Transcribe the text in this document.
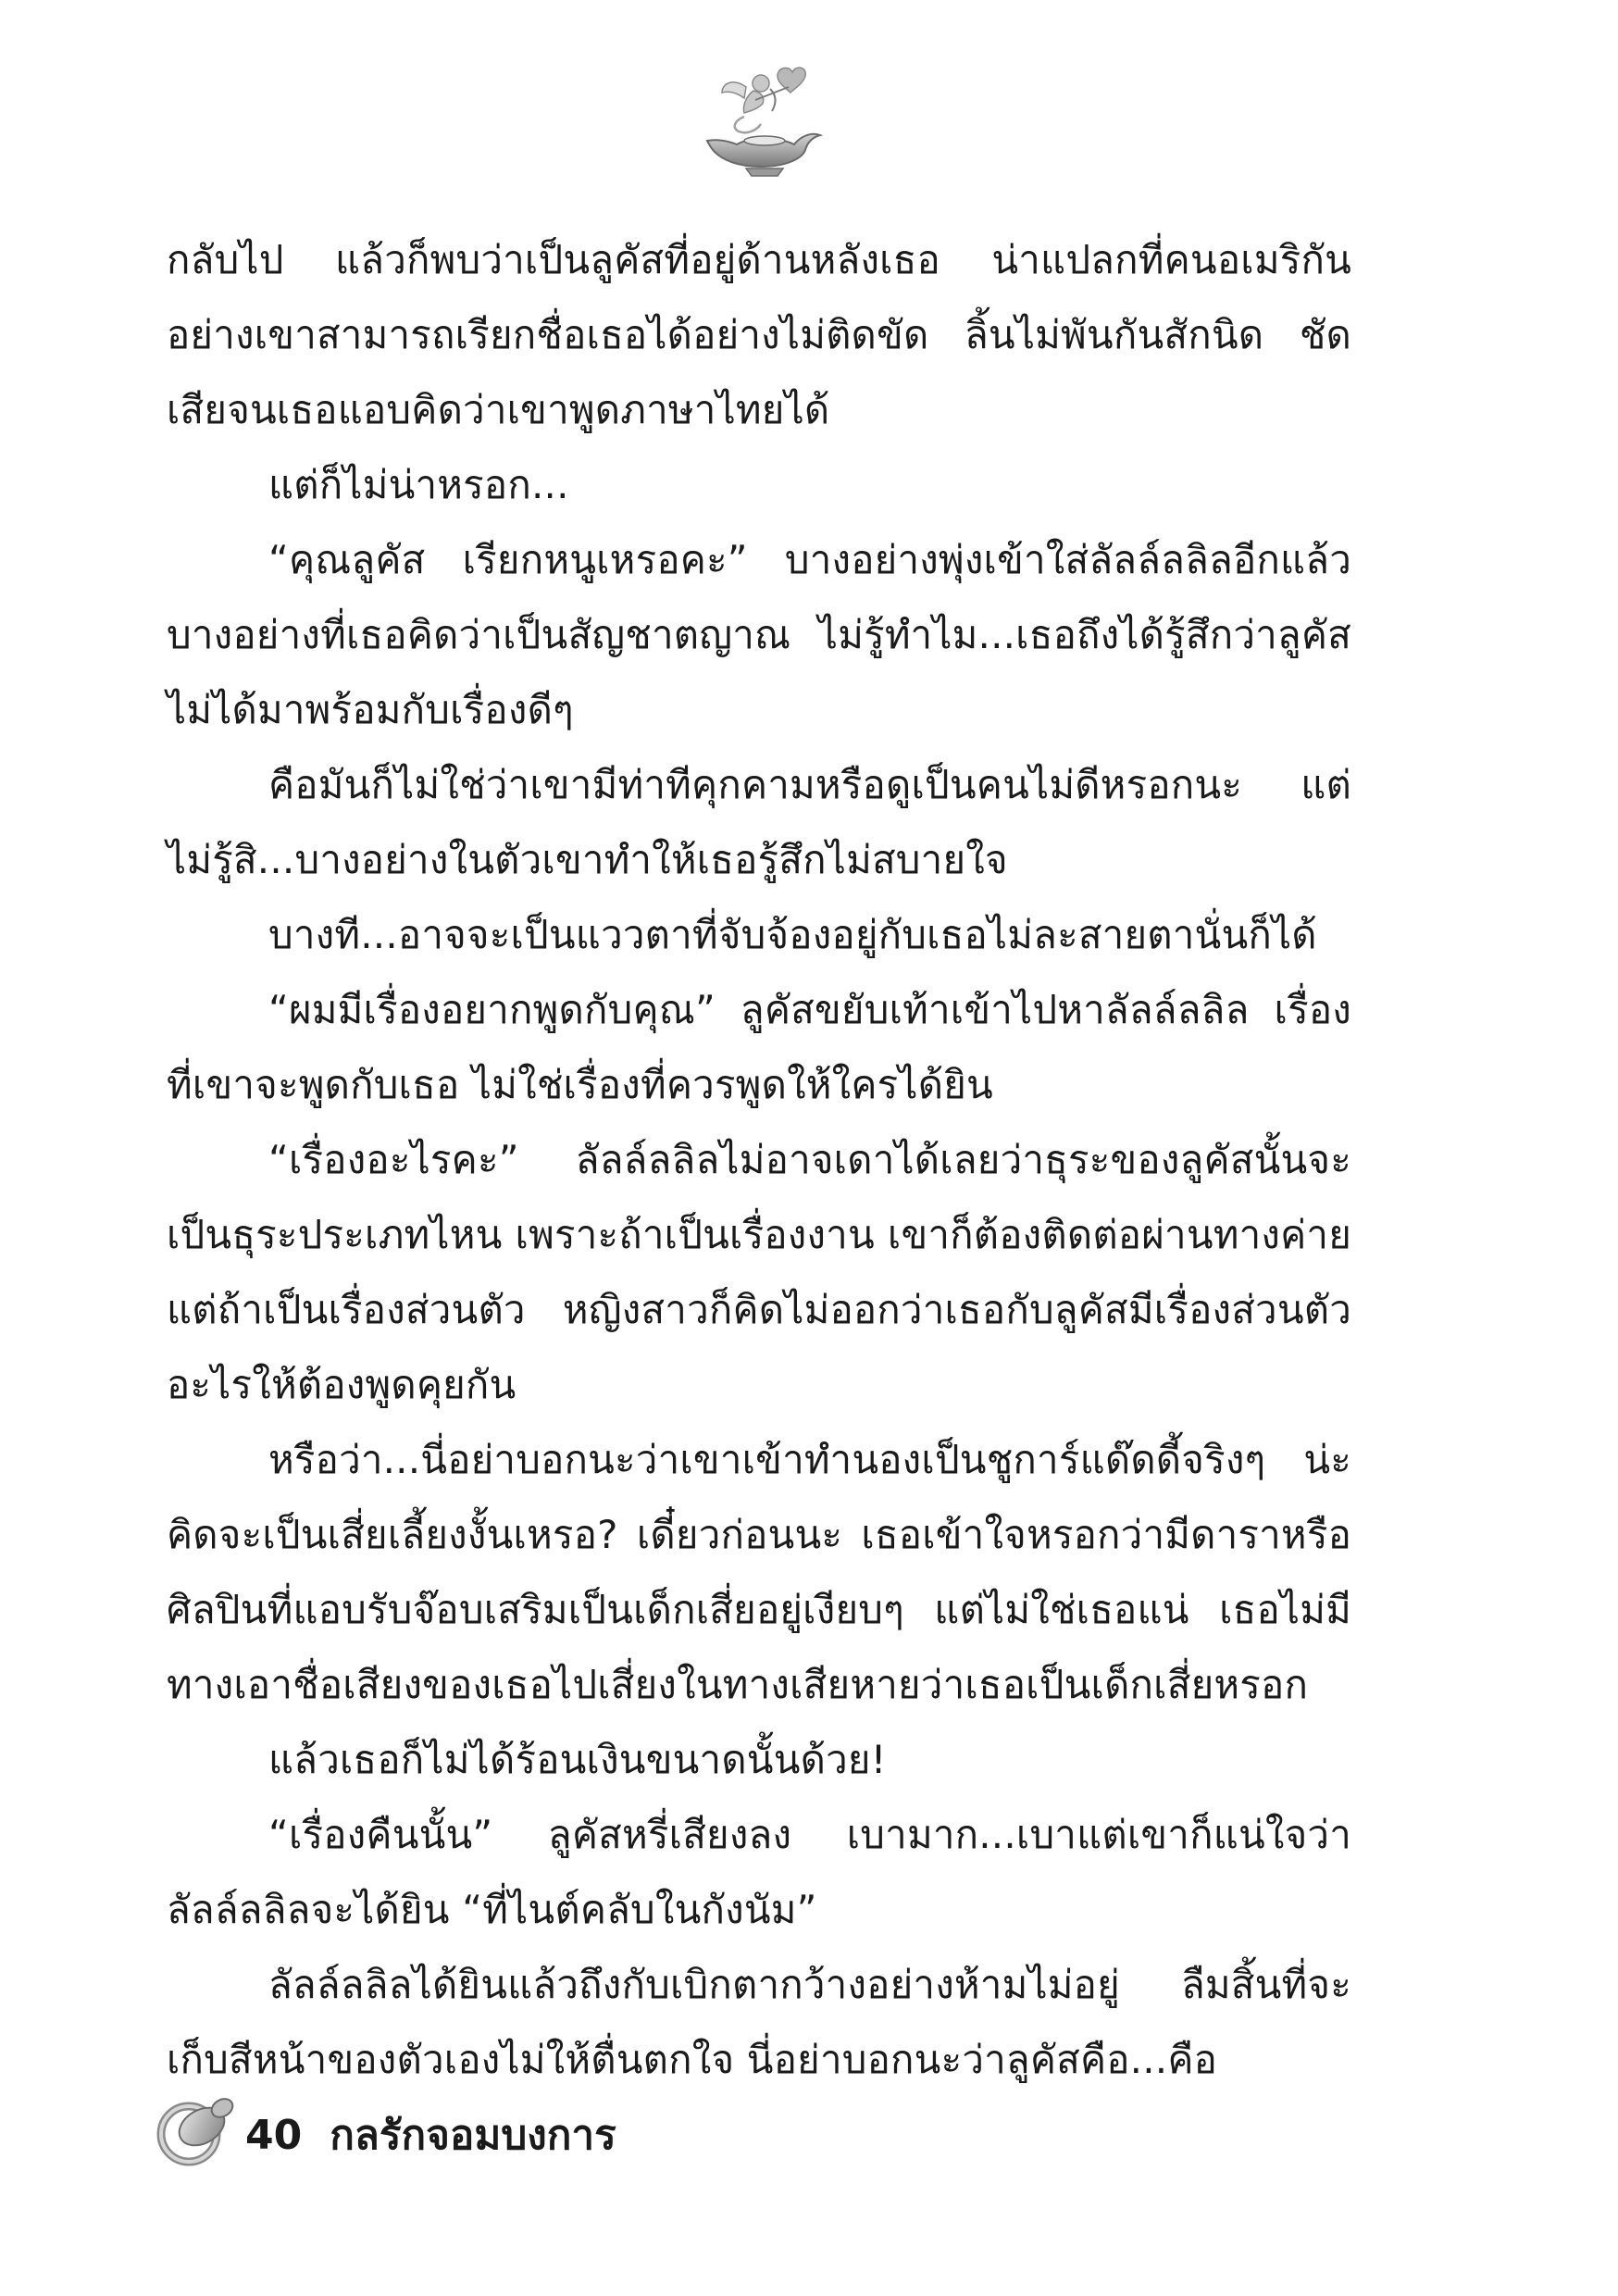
กลับไป แล้วก็พบว่าเป็นลูคัสที่อยู่ด้านหลังเธอ น่าแปลกที่คนอเมริกันอย่างเขาสามารถเรียกชื่อเธอได้อย่างไม่ติดขัด ลิ้นไม่พันกันสักนิด ชัดเสียจนเธอแอบคิดว่าเขาพูดภาษาไทยได้

แต่ก็ไม่น่าหรอก...

“คุณลูคัส เรียกหนูเหรอคะ” บางอย่างพุ่งเข้าใส่ลัลล์ลลิลอีกแล้ว บางอย่างที่เธอคิดว่าเป็นสัญชาตญาณ ไม่รู้ทำไม...เธอถึงได้รู้สึกว่าลูคัสไม่ได้มาพร้อมกับเรื่องดีๆ

คือมันก็ไม่ใช่ว่าเขามีท่าทีคุกคามหรือดูเป็นคนไม่ดีหรอกนะ แต่ไม่รู้สิ...บางอย่างในตัวเขาทำให้เธอรู้สึกไม่สบายใจ

บางที...อาจจะเป็นแววตาที่จับจ้องอยู่กับเธอไม่ละสายตานั่นก็ได้

“ผมมีเรื่องอยากพูดกับคุณ” ลูคัสขยับเท้าเข้าไปหาลัลล์ลลิล เรื่องที่เขาจะพูดกับเธอ ไม่ใช่เรื่องที่ควรพูดให้ใครได้ยิน

“เรื่องอะไรคะ” ลัลล์ลลิลไม่อาจเดาได้เลยว่าธุระของลูคัสนั้นจะเป็นธุระประเภทไหน เพราะถ้าเป็นเรื่องงาน เขาก็ต้องติดต่อผ่านทางค่าย แต่ถ้าเป็นเรื่องส่วนตัว หญิงสาวก็คิดไม่ออกว่าเธอกับลูคัสมีเรื่องส่วนตัวอะไรให้ต้องพูดคุยกัน

หรือว่า...นี่อย่าบอกนะว่าเขาเข้าทำนองเป็นชูการ์แด๊ดดี้จริงๆ น่ะ คิดจะเป็นเสี่ยเลี้ยงงั้นเหรอ? เดี๋ยวก่อนนะ เธอเข้าใจหรอกว่ามีดาราหรือศิลปินที่แอบรับจ๊อบเสริมเป็นเด็กเสี่ยอยู่เงียบๆ แต่ไม่ใช่เธอแน่ เธอไม่มีทางเอาชื่อเสียงของเธอไปเสี่ยงในทางเสียหายว่าเธอเป็นเด็กเสี่ยหรอก

แล้วเธอก็ไม่ได้ร้อนเงินขนาดนั้นด้วย!

“เรื่องคืนนั้น” ลูคัสหรี่เสียงลง เบามาก...เบาแต่เขาก็แน่ใจว่าลัลล์ลลิลจะได้ยิน “ที่ไนต์คลับในกังนัม”

ลัลล์ลลิลได้ยินแล้วถึงกับเบิกตากว้างอย่างห้ามไม่อยู่ ลืมสิ้นที่จะเก็บสีหน้าของตัวเองไม่ให้ตื่นตกใจ นี่อย่าบอกนะว่าลูคัสคือ...คือ

40 กลรักจอมบงการ
